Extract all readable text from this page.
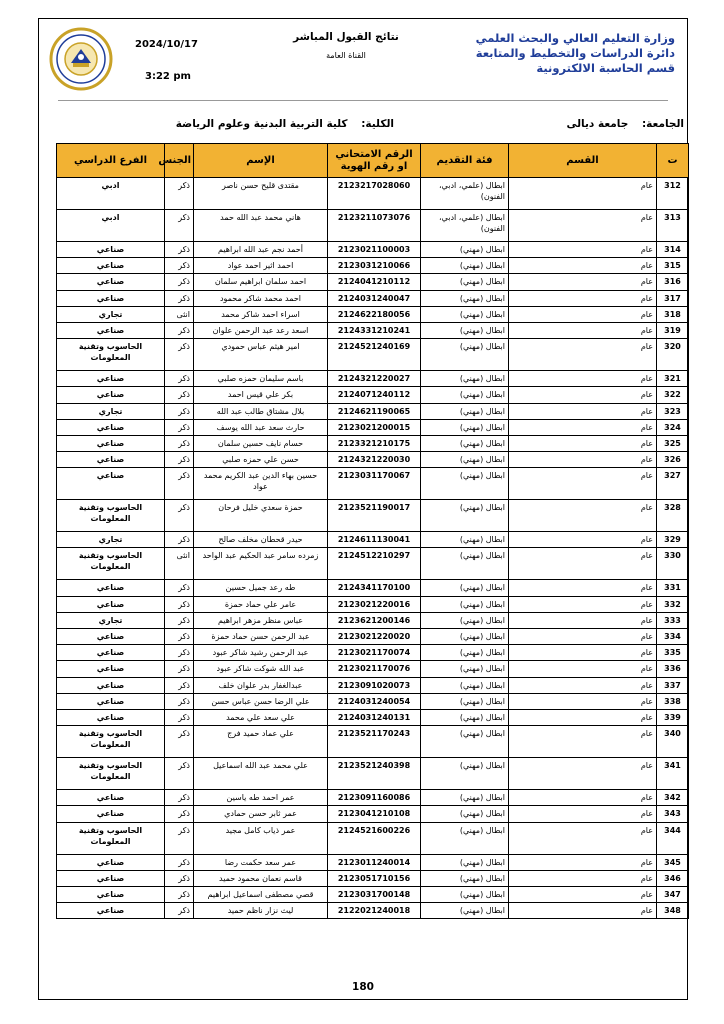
2024/10/17
3:22 pm
نتائج القبول المباشر
القناة العامة
وزارة التعليم العالي والبحث العلمي
دائرة الدراسات والتخطيط والمتابعة
قسم الحاسبة الالكترونية
180
الجامعة: جامعة ديالى
الكلية: كلية التربية البدنية وعلوم الرياضة
ت	القسم	فئة التقديم	الرقم الامتحاني
او رقم الهوية	الإسم	الجنس	الفرع الدراسي
312	عام	ابطال (علمي، ادبي، الفنون)	2123217028060	مقتدى قليح حسن ناصر	ذكر	ادبي
313	عام	ابطال (علمي، ادبي، الفنون)	2123211073076	هاني محمد عبد الله حمد	ذكر	ادبي
314	عام	ابطال (مهني)	2123021100003	أحمد نجم عبد الله ابراهيم	ذكر	صناعي
315	عام	ابطال (مهني)	2123031210066	احمد اثير احمد عواد	ذكر	صناعي
316	عام	ابطال (مهني)	2124041210112	احمد سلمان ابراهيم سلمان	ذكر	صناعي
317	عام	ابطال (مهني)	2124031240047	احمد محمد شاكر محمود	ذكر	صناعي
318	عام	ابطال (مهني)	2124622180056	اسراء احمد شاكر محمد	انثى	تجاري
319	عام	ابطال (مهني)	2124331210241	اسعد رعد عبد الرحمن علوان	ذكر	صناعي
320	عام	ابطال (مهني)	2124521240169	امير هيثم عباس حمودي	ذكر	الحاسوب وتقنية المعلومات
321	عام	ابطال (مهني)	2124321220027	باسم سليمان حمزه صلبي	ذكر	صناعي
322	عام	ابطال (مهني)	2124071240112	بكر علي قيس احمد	ذكر	صناعي
323	عام	ابطال (مهني)	2124621190065	بلال مشتاق طالب عبد الله	ذكر	تجاري
324	عام	ابطال (مهني)	2123021200015	حارث سعد عبد الله يوسف	ذكر	صناعي
325	عام	ابطال (مهني)	2123321210175	حسام نايف حسين سلمان	ذكر	صناعي
326	عام	ابطال (مهني)	2124321220030	حسن علي حمزه صلبي	ذكر	صناعي
327	عام	ابطال (مهني)	2123031170067	حسين بهاء الدين عبد الكريم محمد عواد	ذكر	صناعي
328	عام	ابطال (مهني)	2123521190017	حمزة سعدي خليل فرحان	ذكر	الحاسوب وتقنية المعلومات
329	عام	ابطال (مهني)	2124611130041	حيدر قحطان مخلف صالح	ذكر	تجاري
330	عام	ابطال (مهني)	2124512210297	زمرده سامر عبد الحكيم عبد الواحد	انثى	الحاسوب وتقنية المعلومات
331	عام	ابطال (مهني)	2124341170100	طه رعد جميل حسين	ذكر	صناعي
332	عام	ابطال (مهني)	2123021220016	عامر علي حماد حمزة	ذكر	صناعي
333	عام	ابطال (مهني)	2123621200146	عباس منظر مزهر ابراهيم	ذكر	تجاري
334	عام	ابطال (مهني)	2123021220020	عبد الرحمن حسن حماد حمزة	ذكر	صناعي
335	عام	ابطال (مهني)	2123021170074	عبد الرحمن رشيد شاكر عبود	ذكر	صناعي
336	عام	ابطال (مهني)	2123021170076	عبد الله شوكت شاكر عبود	ذكر	صناعي
337	عام	ابطال (مهني)	2123091020073	عبدالغفار بدر علوان خلف	ذكر	صناعي
338	عام	ابطال (مهني)	2124031240054	علي الرضا حسن عباس حسن	ذكر	صناعي
339	عام	ابطال (مهني)	2124031240131	علي سعد علي محمد	ذكر	صناعي
340	عام	ابطال (مهني)	2123521170243	علي عماد حميد فرج	ذكر	الحاسوب وتقنية المعلومات
341	عام	ابطال (مهني)	2123521240398	علي محمد عبد الله اسماعيل	ذكر	الحاسوب وتقنية المعلومات
342	عام	ابطال (مهني)	2123091160086	عمر احمد طه ياسين	ذكر	صناعي
343	عام	ابطال (مهني)	2123041210108	عمر ثابر حسن حمادي	ذكر	صناعي
344	عام	ابطال (مهني)	2124521600226	عمر ذياب كامل مجيد	ذكر	الحاسوب وتقنية المعلومات
345	عام	ابطال (مهني)	2123011240014	عمر سعد حكمت رضا	ذكر	صناعي
346	عام	ابطال (مهني)	2123051710156	قاسم نعمان محمود حميد	ذكر	صناعي
347	عام	ابطال (مهني)	2123031700148	قصي مصطفى اسماعيل ابراهيم	ذكر	صناعي
348	عام	ابطال (مهني)	2122021240018	ليث نزار ناظم حميد	ذكر	صناعي
